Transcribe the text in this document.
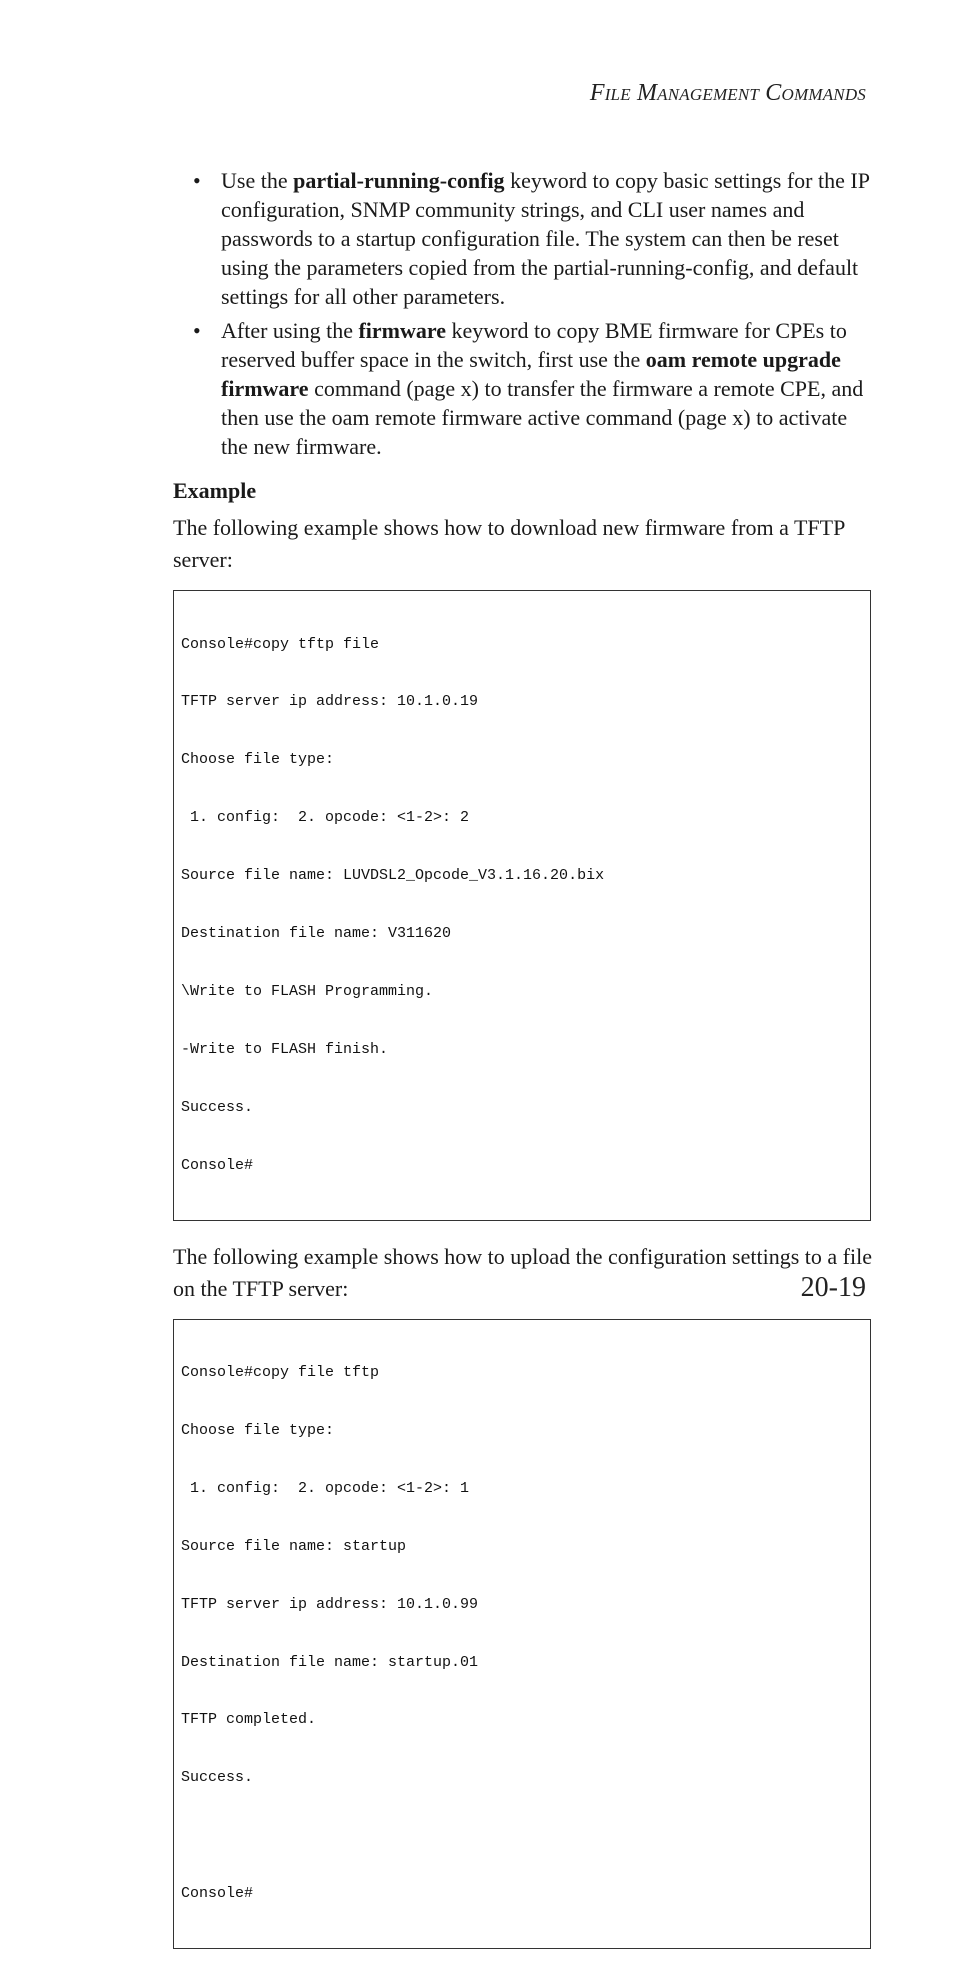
File Management Commands
• Use the partial-running-config keyword to copy basic settings for the IP configuration, SNMP community strings, and CLI user names and passwords to a startup configuration file. The system can then be reset using the parameters copied from the partial-running-config, and default settings for all other parameters.
• After using the firmware keyword to copy BME firmware for CPEs to reserved buffer space in the switch, first use the oam remote upgrade firmware command (page x) to transfer the firmware a remote CPE, and then use the oam remote firmware active command (page x) to activate the new firmware.
Example

The following example shows how to download new firmware from a TFTP server:

Console#copy tftp file

TFTP server ip address: 10.1.0.19

Choose file type:

1. config:  2. opcode: <1-2>: 2

Source file name: LUVDSL2_Opcode_V3.1.16.20.bix

Destination file name: V311620

\Write to FLASH Programming.

-Write to FLASH finish.

Success.

Console#

The following example shows how to upload the configuration settings to a file on the TFTP server:

Console#copy file tftp

Choose file type:

1. config:  2. opcode: <1-2>: 1

Source file name: startup

TFTP server ip address: 10.1.0.99

Destination file name: startup.01

TFTP completed.

Success.

Console#

20-19
